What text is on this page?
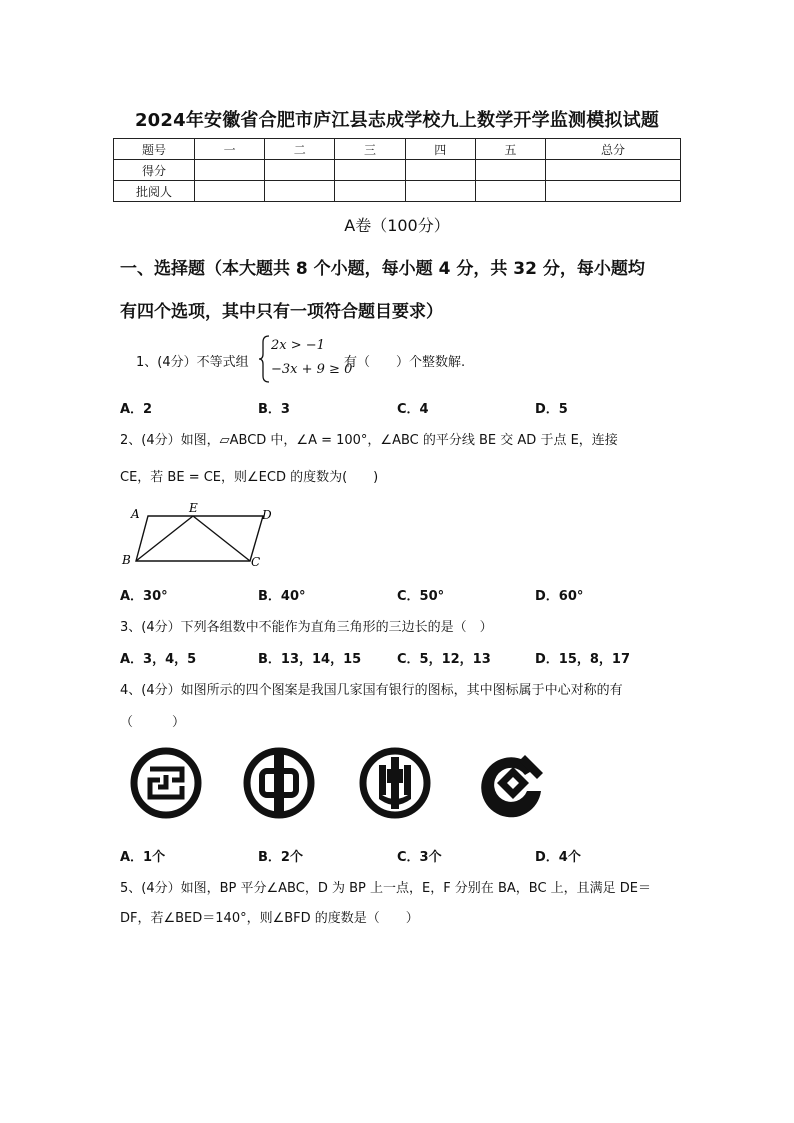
2024年安徽省合肥市庐江县志成学校九上数学开学监测模拟试题
题号	一	二	三	四	五	总分
得分						
批阅人						
A卷（100分）
一、选择题（本大题共 8 个小题，每小题 4 分，共 32 分，每小题均
有四个选项，其中只有一项符合题目要求）
1、(4分）不等式组
2x > −1
−3x + 9 ≥ 0
有（　　）个整数解.
A．2	B．3	C．4	D．5
2、(4分）如图，▱ABCD 中，∠A = 100°，∠ABC 的平分线 BE 交 AD 于点 E，连接
CE，若 BE = CE，则∠ECD 的度数为(　　)
A	E	D
B	C
A．30°	B．40°	C．50°	D．60°
3、(4分）下列各组数中不能作为直角三角形的三边长的是（　）
A．3，4，5	B．13，14，15	C．5，12，13	D．15，8，17
4、(4分）如图所示的四个图案是我国几家国有银行的图标，其中图标属于中心对称的有
（　　　）
A．1个	B．2个	C．3个	D．4个
5、(4分）如图，BP 平分∠ABC，D 为 BP 上一点，E，F 分别在 BA，BC 上，且满足 DE＝
DF，若∠BED＝140°，则∠BFD 的度数是（　　）
